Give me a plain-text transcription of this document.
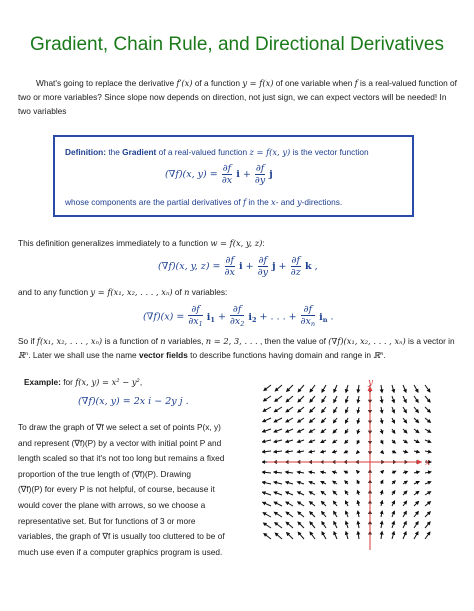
Gradient, Chain Rule, and Directional Derivatives
What's going to replace the derivative f′(x) of a function y = f(x) of one variable when f is a real-valued function of two or more variables? Since slope now depends on direction, not just sign, we can expect vectors will be needed! In two variables
Definition: the Gradient of a real-valued function z = f(x, y) is the vector function
(∇f)(x, $y) = \frac{\partial f}{\partial x}$ $i + \frac{\partial f}{\partial y}$ j
whose components are the partial derivatives of f in the x- and y-directions.
This definition generalizes immediately to a function w = f(x, y, z):
(∇f)(x, y, $z) = \frac{\partial f}{\partial x}$ $i + \frac{\partial f}{\partial y}$ $j + \frac{\partial f}{\partial z}$ k ,
and to any function y = f(x₁, x₂, . . . , xₙ) of n variables:
$(\nabla f)(x) = \frac{\partial f}{\partial x_1} i_1 + \frac{\partial f}{\partial x_2} i_2$ + . . . + $\frac{\partial f}{\partial x_n} i_n$ .
So if f(x₁, x₂, . . . , xₙ) is a function of n variables, n = 2, 3, . . . , then the value of (∇f)(x₁, x₂, . . . , xₙ) is a vector in ℝⁿ. Later we shall use the name vector fields to describe functions having domain and range in ℝⁿ.
Example: for f(x, y) = x² − y²,
(∇f)(x, y) = 2x i − 2y j .
To draw the graph of ∇f we select a set of points P(x, y)
and represent (∇f)(P) by a vector with initial point P and
length scaled so that it's not too long but remains a fixed
proportion of the true length of (∇f)(P). Drawing
(∇f)(P) for every P is not helpful, of course, because it
would cover the plane with arrows, so we choose a
representative set. But for functions of 3 or more
variables, the graph of ∇f is usually too cluttered to be of
much use even if a computer graphics program is used.
x
y
